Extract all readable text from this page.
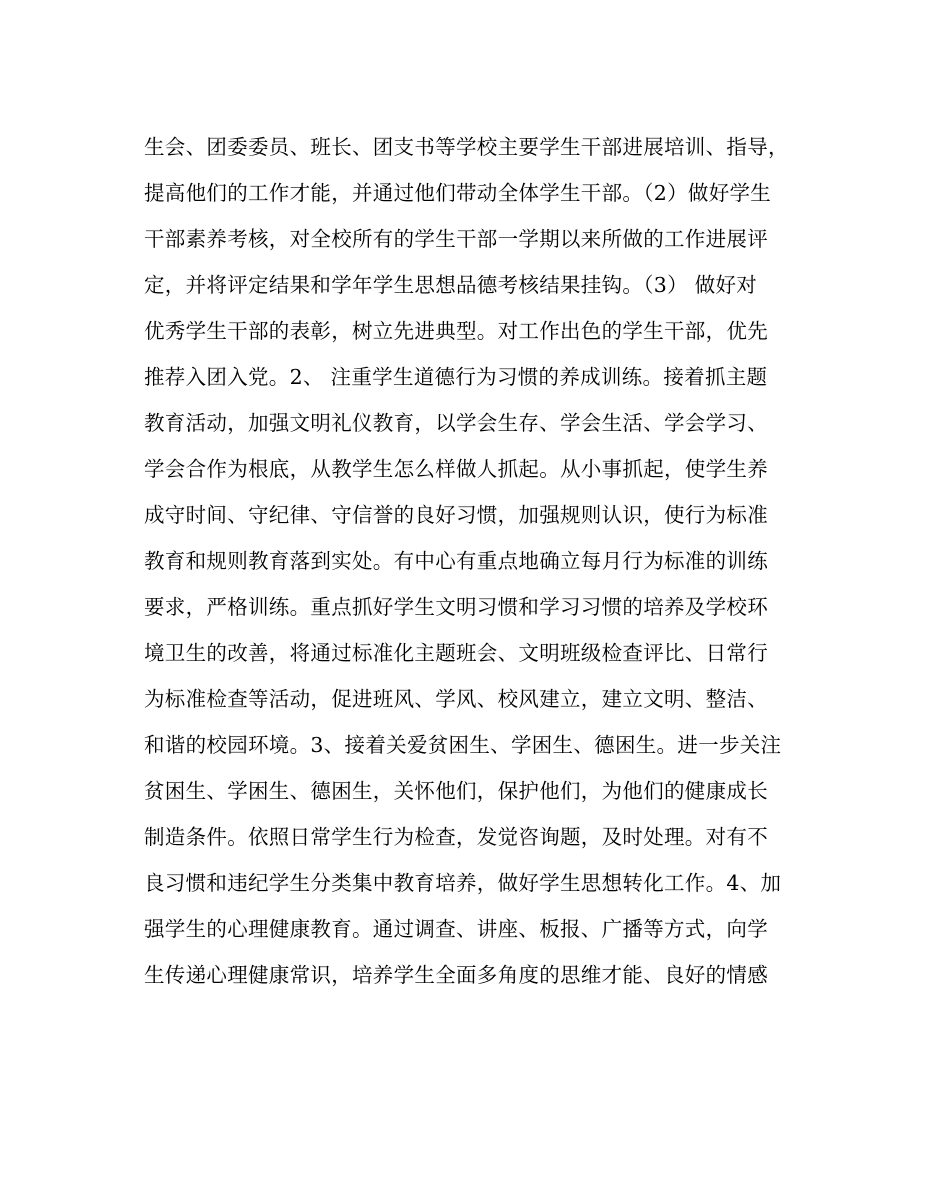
生会、团委委员、班长、团支书等学校主要学生干部进展培训、指导，
提高他们的工作才能，并通过他们带动全体学生干部。（2）做好学生
干部素养考核，对全校所有的学生干部一学期以来所做的工作进展评
定，并将评定结果和学年学生思想品德考核结果挂钩。（3） 做好对
优秀学生干部的表彰，树立先进典型。对工作出色的学生干部，优先
推荐入团入党。2、 注重学生道德行为习惯的养成训练。接着抓主题
教育活动，加强文明礼仪教育，以学会生存、学会生活、学会学习、
学会合作为根底，从教学生怎么样做人抓起。从小事抓起，使学生养
成守时间、守纪律、守信誉的良好习惯，加强规则认识，使行为标准
教育和规则教育落到实处。有中心有重点地确立每月行为标准的训练
要求，严格训练。重点抓好学生文明习惯和学习习惯的培养及学校环
境卫生的改善，将通过标准化主题班会、文明班级检查评比、日常行
为标准检查等活动，促进班风、学风、校风建立，建立文明、整洁、
和谐的校园环境。3、接着关爱贫困生、学困生、德困生。进一步关注
贫困生、学困生、德困生，关怀他们，保护他们，为他们的健康成长
制造条件。依照日常学生行为检查，发觉咨询题，及时处理。对有不
良习惯和违纪学生分类集中教育培养，做好学生思想转化工作。4、加
强学生的心理健康教育。通过调查、讲座、板报、广播等方式，向学
生传递心理健康常识，培养学生全面多角度的思维才能、良好的情感
